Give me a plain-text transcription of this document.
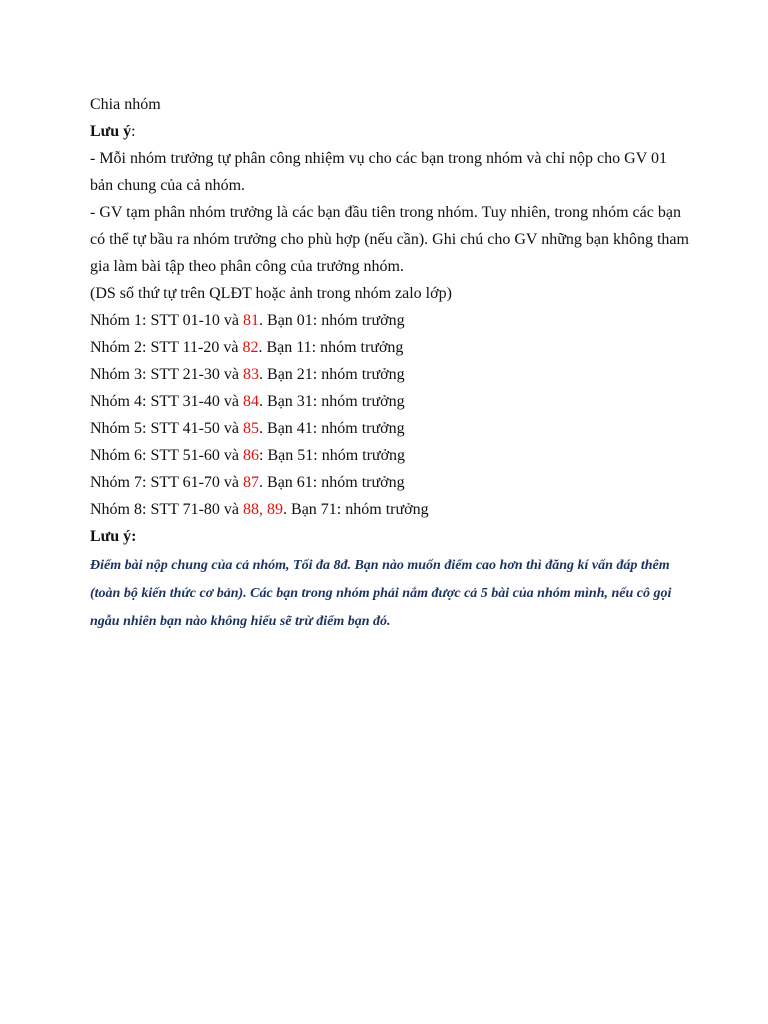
Chia nhóm

Lưu ý:

- Mỗi nhóm trưởng tự phân công nhiệm vụ cho các bạn trong nhóm và chỉ nộp cho GV 01 bản chung của cả nhóm.

- GV tạm phân nhóm trưởng là các bạn đầu tiên trong nhóm. Tuy nhiên, trong nhóm các bạn có thể tự bầu ra nhóm trưởng cho phù hợp (nếu cần). Ghi chú cho GV những bạn không tham gia làm bài tập theo phân công của trưởng nhóm.

(DS số thứ tự trên QLĐT hoặc ảnh trong nhóm zalo lớp)

Nhóm 1: STT 01-10 và 81. Bạn 01: nhóm trưởng

Nhóm 2: STT 11-20 và 82. Bạn 11: nhóm trưởng

Nhóm 3: STT 21-30 và 83. Bạn 21: nhóm trưởng

Nhóm 4: STT 31-40 và 84. Bạn 31: nhóm trưởng

Nhóm 5: STT 41-50 và 85. Bạn 41: nhóm trưởng

Nhóm 6: STT 51-60 và 86: Bạn 51: nhóm trưởng

Nhóm 7: STT 61-70 và 87. Bạn 61: nhóm trưởng

Nhóm 8: STT 71-80 và 88, 89. Bạn 71: nhóm trưởng

Lưu ý:

Điểm bài nộp chung của cả nhóm, Tối đa 8đ. Bạn nào muốn điểm cao hơn thì đăng kí vấn đáp thêm (toàn bộ kiến thức cơ bản). Các bạn trong nhóm phải nắm được cả 5 bài của nhóm mình, nếu cô gọi ngẫu nhiên bạn nào không hiểu sẽ trừ điểm bạn đó.
